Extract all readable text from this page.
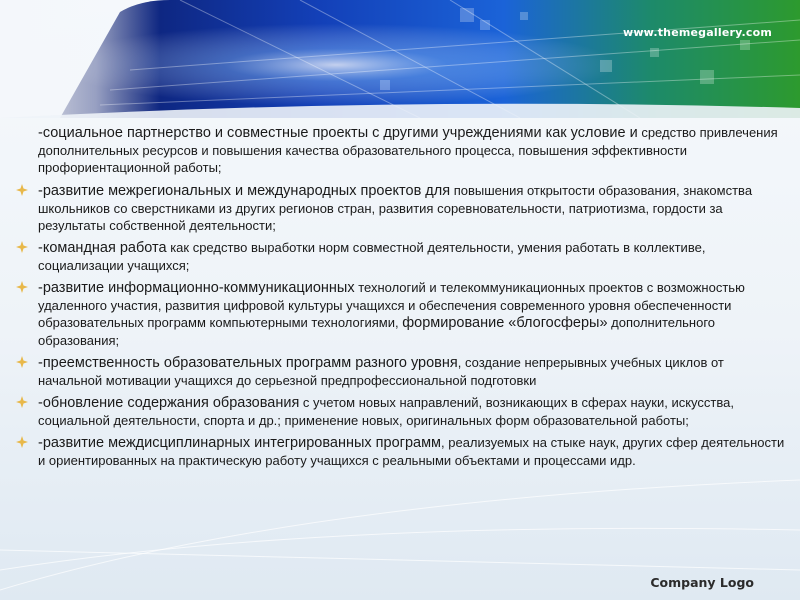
www.themegallery.com

-социальное партнерство и совместные проекты с другими учреждениями как условие и средство привлечения дополнительных ресурсов и повышения качества образовательного процесса, повышения эффективности профориентационной работы;

-развитие межрегиональных и международных проектов для повышения открытости образования, знакомства школьников со сверстниками из других регионов стран, развития соревновательности, патриотизма, гордости за результаты собственной деятельности;
-командная работа как средство выработки норм совместной деятельности, умения работать в коллективе, социализации учащихся;
-развитие информационно-коммуникационных технологий и телекоммуникационных проектов с возможностью удаленного участия, развития цифровой культуры учащихся и обеспечения современного уровня обеспеченности образовательных программ компьютерными технологиями, формирование «блогосферы» дополнительного образования;
-преемственность образовательных программ разного уровня, создание непрерывных учебных циклов от начальной мотивации учащихся до серьезной предпрофессиональной подготовки
-обновление содержания образования с учетом новых направлений, возникающих в сферах науки, искусства, социальной деятельности, спорта и др.; применение новых, оригинальных форм образовательной работы;
-развитие междисциплинарных интегрированных программ, реализуемых на стыке наук, других сфер деятельности и ориентированных на практическую работу учащихся с реальными объектами и процессами идр.
Company Logo
